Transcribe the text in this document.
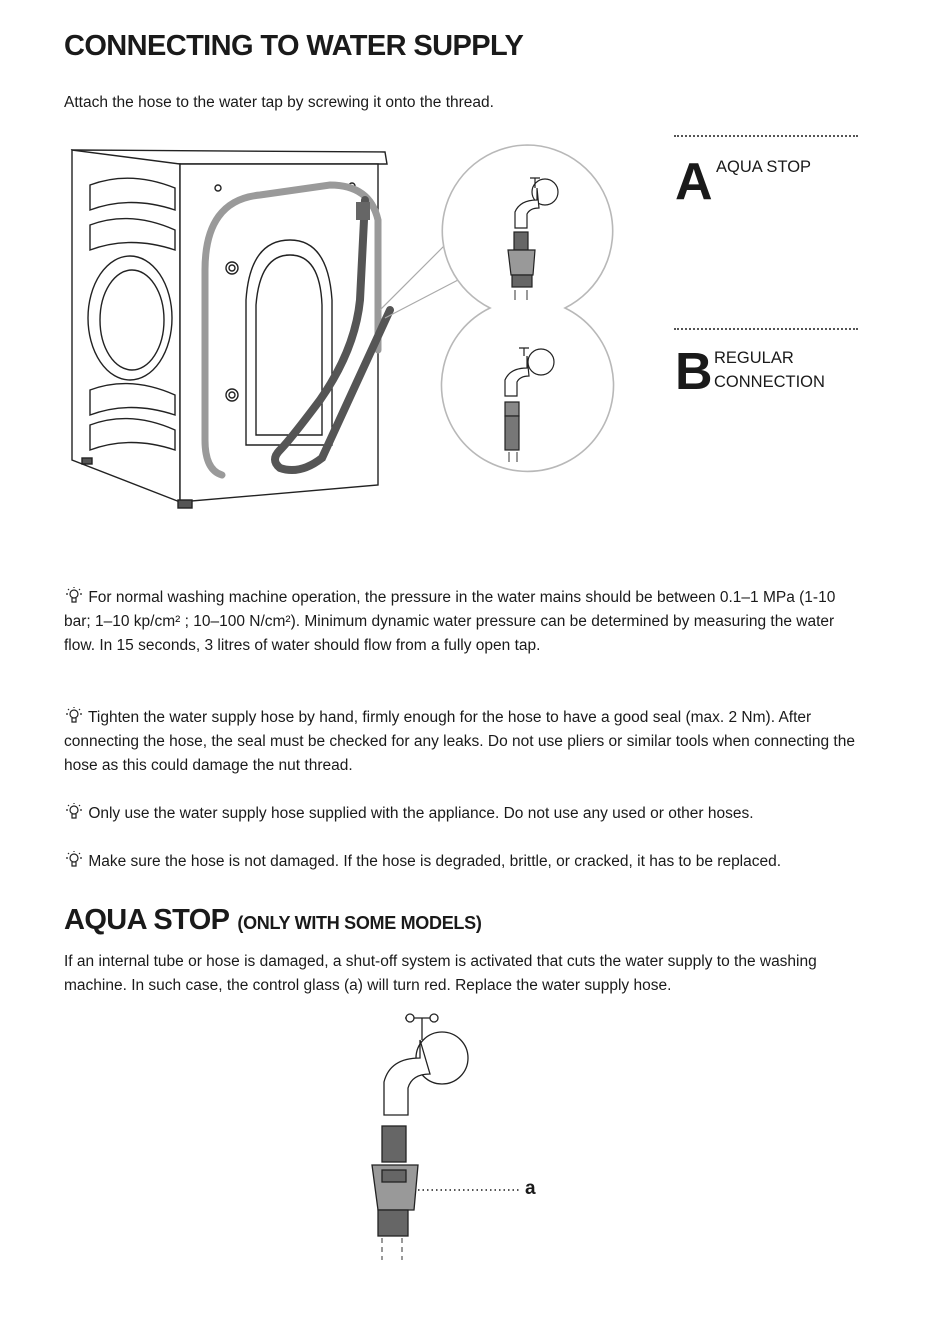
CONNECTING TO WATER SUPPLY
Attach the hose to the water tap by screwing it onto the thread.
A AQUA STOP
B REGULAR CONNECTION
For normal washing machine operation, the pressure in the water mains should be between 0.1–1 MPa (1-10 bar; 1–10 kp/cm² ; 10–100 N/cm²). Minimum dynamic water pressure can be determined by measuring the water flow. In 15 seconds, 3 litres of water should flow from a fully open tap.
Tighten the water supply hose by hand, firmly enough for the hose to have a good seal (max. 2 Nm). After connecting the hose, the seal must be checked for any leaks. Do not use pliers or similar tools when connecting the hose as this could damage the nut thread.
Only use the water supply hose supplied with the appliance. Do not use any used or other hoses.
Make sure the hose is not damaged. If the hose is degraded, brittle, or cracked, it has to be replaced.
AQUA STOP (ONLY WITH SOME MODELS)
If an internal tube or hose is damaged, a shut-off system is activated that cuts the water supply to the washing machine. In such case, the control glass (a) will turn red. Replace the water supply hose.
a
